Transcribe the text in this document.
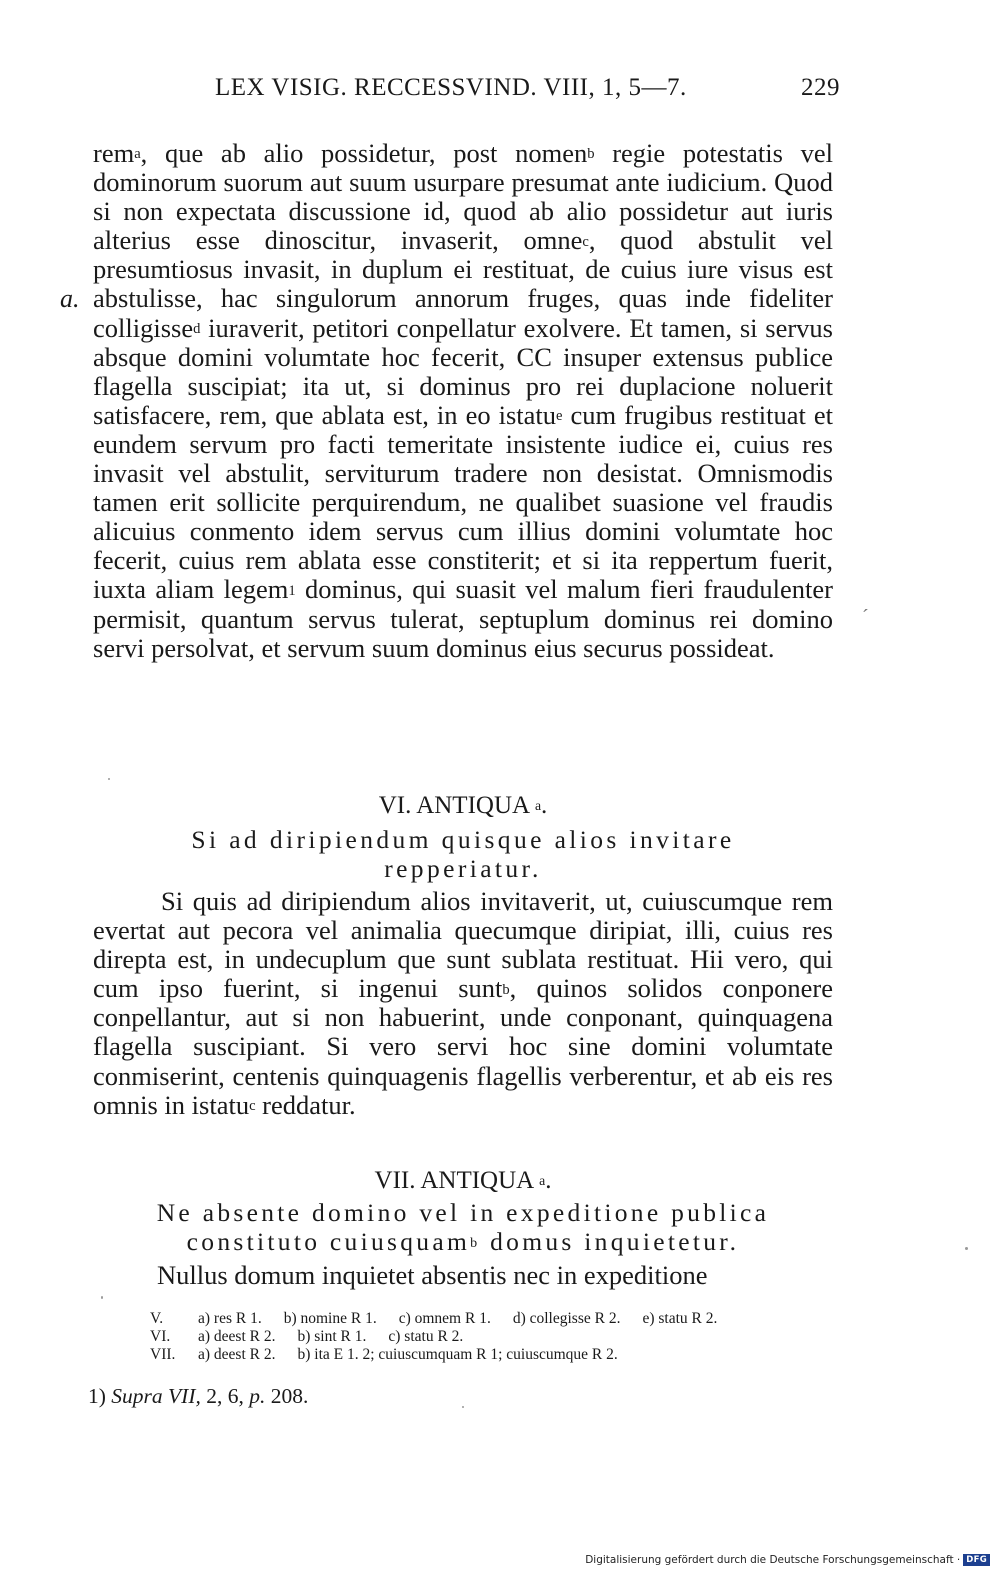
LEX VISIG. RECCESSVIND. VIII, 1, 5—7.	229
a.
´

rem$^a$, que ab alio possidetur, post nomen$^b$ regie potestatis vel dominorum suorum aut suum usurpare presumat ante iudicium. Quod si non expectata discussione id, quod ab alio possidetur aut iuris alterius esse dinoscitur, invaserit, omne$^c$, quod abstulit vel presumtiosus invasit, in duplum ei restituat, de cuius iure visus est abstulisse, hac singulorum annorum fruges, quas inde fideliter colligisse$^d$ iuraverit, petitori conpellatur exolvere. Et tamen, si servus absque domini volumtate hoc fecerit, CC insuper extensus publice flagella suscipiat; ita ut, si dominus pro rei duplacione noluerit satisfacere, rem, que ablata est, in eo istatu$^e$ cum frugibus restituat et eundem servum pro facti temeritate insistente iudice ei, cuius res invasit vel abstulit, serviturum tradere non desistat. Omnismodis tamen erit sollicite perquirendum, ne qualibet suasione vel fraudis alicuius conmento idem servus cum illius domini volumtate hoc fecerit, cuius rem ablata esse constiterit; et si ita reppertum fuerit, iuxta aliam legem$^1$ dominus, qui suasit vel malum fieri fraudulenter permisit, quantum servus tulerat, septuplum dominus rei domino servi persolvat, et servum suum dominus eius securus possideat.

VI. ANTIQUA $^a$.
Si ad diripiendum quisque alios invitare
repperiatur.

Si quis ad diripiendum alios invitaverit, ut, cuiuscumque rem evertat aut pecora vel animalia quecumque diripiat, illi, cuius res direpta est, in undecuplum que sunt sublata restituat. Hii vero, qui cum ipso fuerint, si ingenui sunt$^b$, quinos solidos conponere conpellantur, aut si non habuerint, unde conponant, quinquagena flagella suscipiant. Si vero servi hoc sine domini volumtate conmiserint, centenis quinquagenis flagellis verberentur, et ab eis res omnis in istatu$^c$ reddatur.

VII. ANTIQUA $^a$.
Ne absente domino vel in expeditione publica
constituto cuiusquam$^b$ domus inquietetur.

Nullus domum inquietet absentis nec in expeditione

V.	a) res R 1. b) nomine R 1. c) omnem R 1. d) collegisse R 2. e) statu R 2.
VI.	a) deest R 2. b) sint R 1. c) statu R 2.
VII.	a) deest R 2. b) ita E 1. 2; cuiuscumquam R 1; cuiuscumque R 2.
1) Supra VII, 2, 6, p. 208.
Digitalisierung gefördert durch die Deutsche Forschungsgemeinschaft · DFG
